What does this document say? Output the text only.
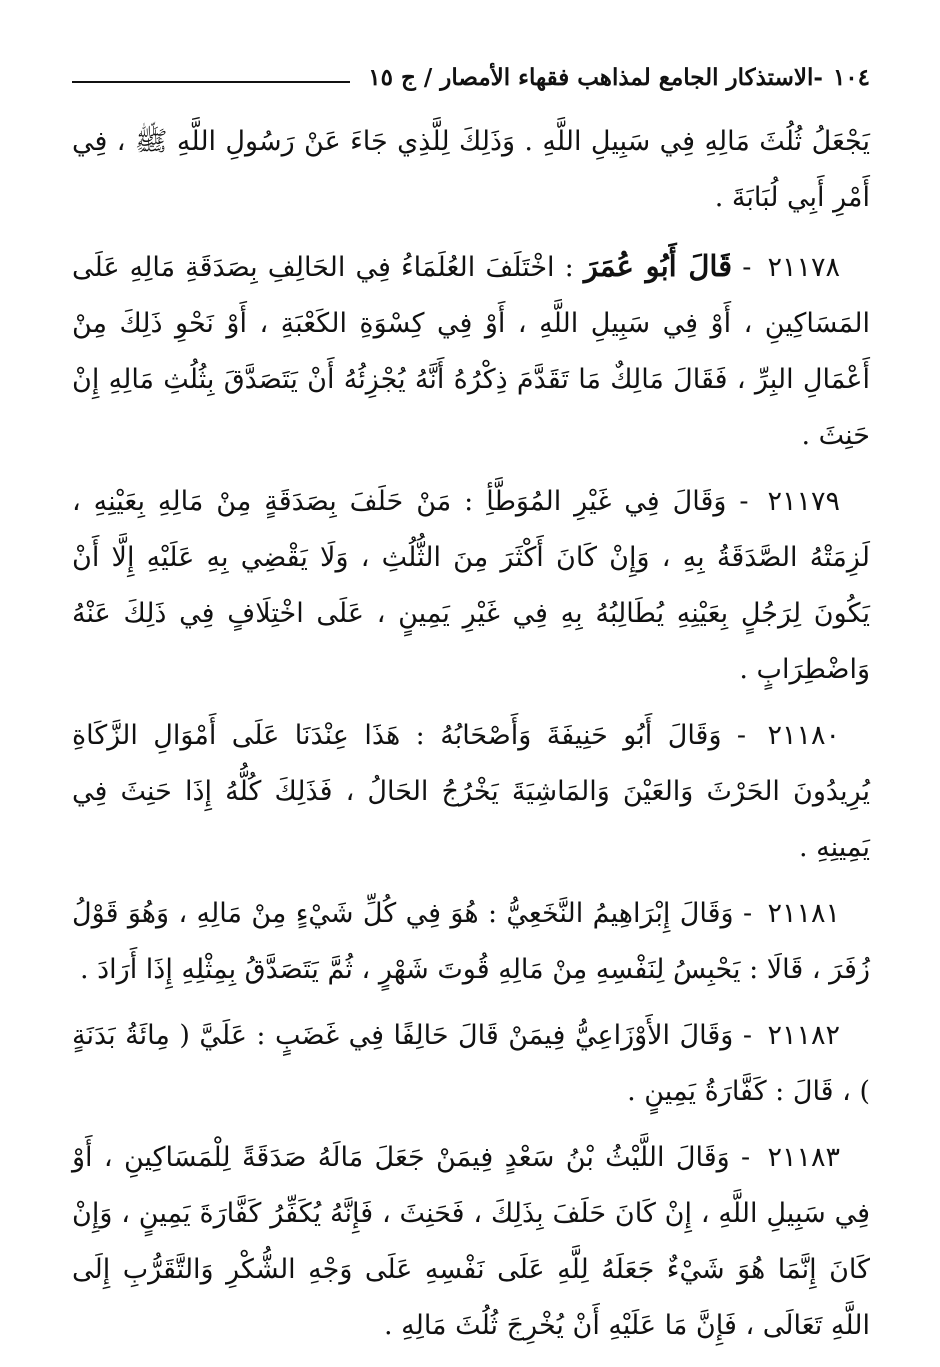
١٠٤
-
الاستذكار الجامع لمذاهب فقهاء الأمصار / ج ١٥

يَجْعَلُ ثُلُثَ مَالِهِ فِي سَبِيلِ اللَّهِ . وَذَلِكَ لِلَّذِي جَاءَ عَنْ رَسُولِ اللَّهِ ﷺ ، فِي أَمْرِ أَبِي لُبَابَةَ .

٢١١٧٨ - قَالَ أَبُو عُمَرَ : اخْتَلَفَ العُلَمَاءُ فِي الحَالِفِ بِصَدَقَةِ مَالِهِ عَلَى المَسَاكِينِ ، أَوْ فِي سَبِيلِ اللَّهِ ، أَوْ فِي كِسْوَةِ الكَعْبَةِ ، أَوْ نَحْوِ ذَلِكَ مِنْ أَعْمَالِ البِرِّ ، فَقَالَ مَالِكٌ مَا تَقَدَّمَ ذِكْرُهُ أَنَّهُ يُجْزِئُهُ أَنْ يَتَصَدَّقَ بِثُلُثِ مَالِهِ إِنْ حَنِثَ .

٢١١٧٩ - وَقَالَ فِي غَيْرِ المُوَطَّأِ : مَنْ حَلَفَ بِصَدَقَةٍ مِنْ مَالِهِ بِعَيْنِهِ ، لَزِمَتْهُ الصَّدَقَةُ بِهِ ، وَإِنْ كَانَ أَكْثَرَ مِنَ الثُّلُثِ ، وَلَا يَقْضِي بِهِ عَلَيْهِ إِلَّا أَنْ يَكُونَ لِرَجُلٍ بِعَيْنِهِ يُطَالِبُهُ بِهِ فِي غَيْرِ يَمِينٍ ، عَلَى اخْتِلَافٍ فِي ذَلِكَ عَنْهُ وَاضْطِرَابٍ .

٢١١٨٠ - وَقَالَ أَبُو حَنِيفَةَ وَأَصْحَابُهُ : هَذَا عِنْدَنَا عَلَى أَمْوَالِ الزَّكَاةِ يُرِيدُونَ الحَرْثَ وَالعَيْنَ وَالمَاشِيَةَ يَخْرُجُ الحَالُ ، فَذَلِكَ كُلُّهُ إِذَا حَنِثَ فِي يَمِينِهِ .

٢١١٨١ - وَقَالَ إِبْرَاهِيمُ النَّخَعِيُّ : هُوَ فِي كُلِّ شَيْءٍ مِنْ مَالِهِ ، وَهُوَ قَوْلُ زُفَرَ ، قَالَا : يَحْبِسُ لِنَفْسِهِ مِنْ مَالِهِ قُوتَ شَهْرٍ ، ثُمَّ يَتَصَدَّقُ بِمِثْلِهِ إِذَا أَرَادَ .

٢١١٨٢ - وَقَالَ الأَوْزَاعِيُّ فِيمَنْ قَالَ حَالِفًا فِي غَضَبٍ : عَلَيَّ ( مِائَةُ بَدَنَةٍ ) ، قَالَ : كَفَّارَةُ يَمِينٍ .

٢١١٨٣ - وَقَالَ اللَّيْثُ بْنُ سَعْدٍ فِيمَنْ جَعَلَ مَالَهُ صَدَقَةً لِلْمَسَاكِينِ ، أَوْ فِي سَبِيلِ اللَّهِ ، إِنْ كَانَ حَلَفَ بِذَلِكَ ، فَحَنِثَ ، فَإِنَّهُ يُكَفِّرُ كَفَّارَةَ يَمِينٍ ، وَإِنْ كَانَ إِنَّمَا هُوَ شَيْءٌ جَعَلَهُ لِلَّهِ عَلَى نَفْسِهِ عَلَى وَجْهِ الشُّكْرِ وَالتَّقَرُّبِ إِلَى اللَّهِ تَعَالَى ، فَإِنَّ مَا عَلَيْهِ أَنْ يُخْرِجَ ثُلُثَ مَالِهِ .
